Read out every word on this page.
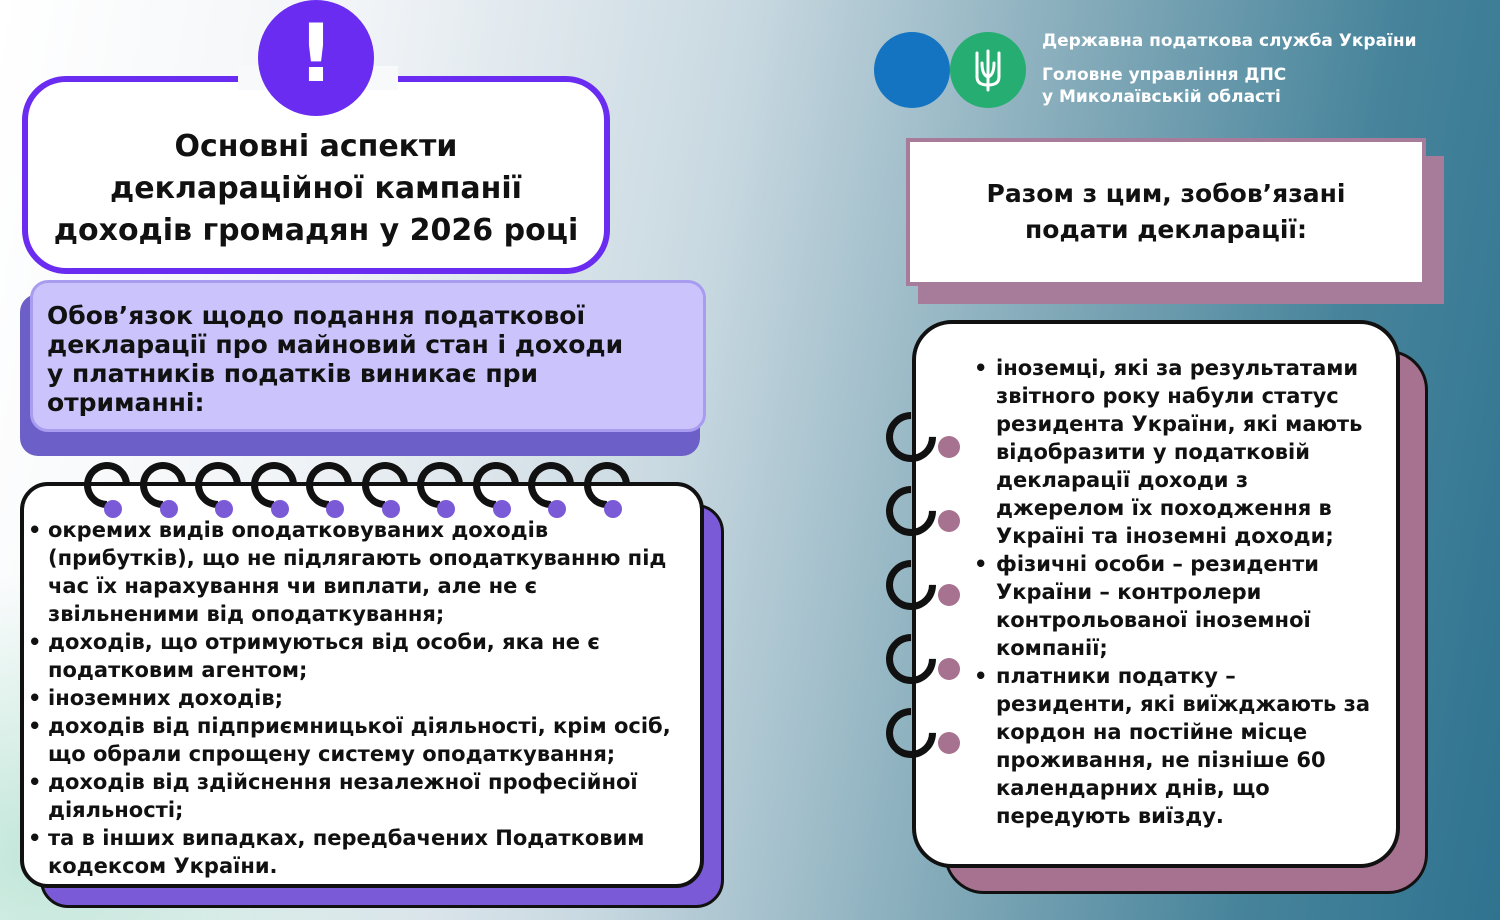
Основні аспекти
деклараційної кампанії
доходів громадян у 2026 році
!
Обов’язок щодо подання податкової
декларації про майновий стан і доходи
у платників податків виникає при
отриманні:
• окремих видів оподатковуваних доходів
(прибутків), що не підлягають оподаткуванню під
час їх нарахування чи виплати, але не є
звільненими від оподаткування;
• доходів, що отримуються від особи, яка не є
податковим агентом;
• іноземних доходів;
• доходів від підприємницької діяльності, крім осіб,
що обрали спрощену систему оподаткування;
• доходів від здійснення незалежної професійної
діяльності;
• та в інших випадках, передбачених Податковим
кодексом України.
Державна податкова служба України
Головне управління ДПС
у Миколаївській області
Разом з цим, зобов’язані
подати декларації:
• іноземці, які за результатами
звітного року набули статус
резидента України, які мають
відобразити у податковій
декларації доходи з
джерелом їх походження в
Україні та іноземні доходи;
• фізичні особи – резиденти
України – контролери
контрольованої іноземної
компанії;
• платники податку –
резиденти, які виїжджають за
кордон на постійне місце
проживання, не пізніше 60
календарних днів, що
передують виїзду.
